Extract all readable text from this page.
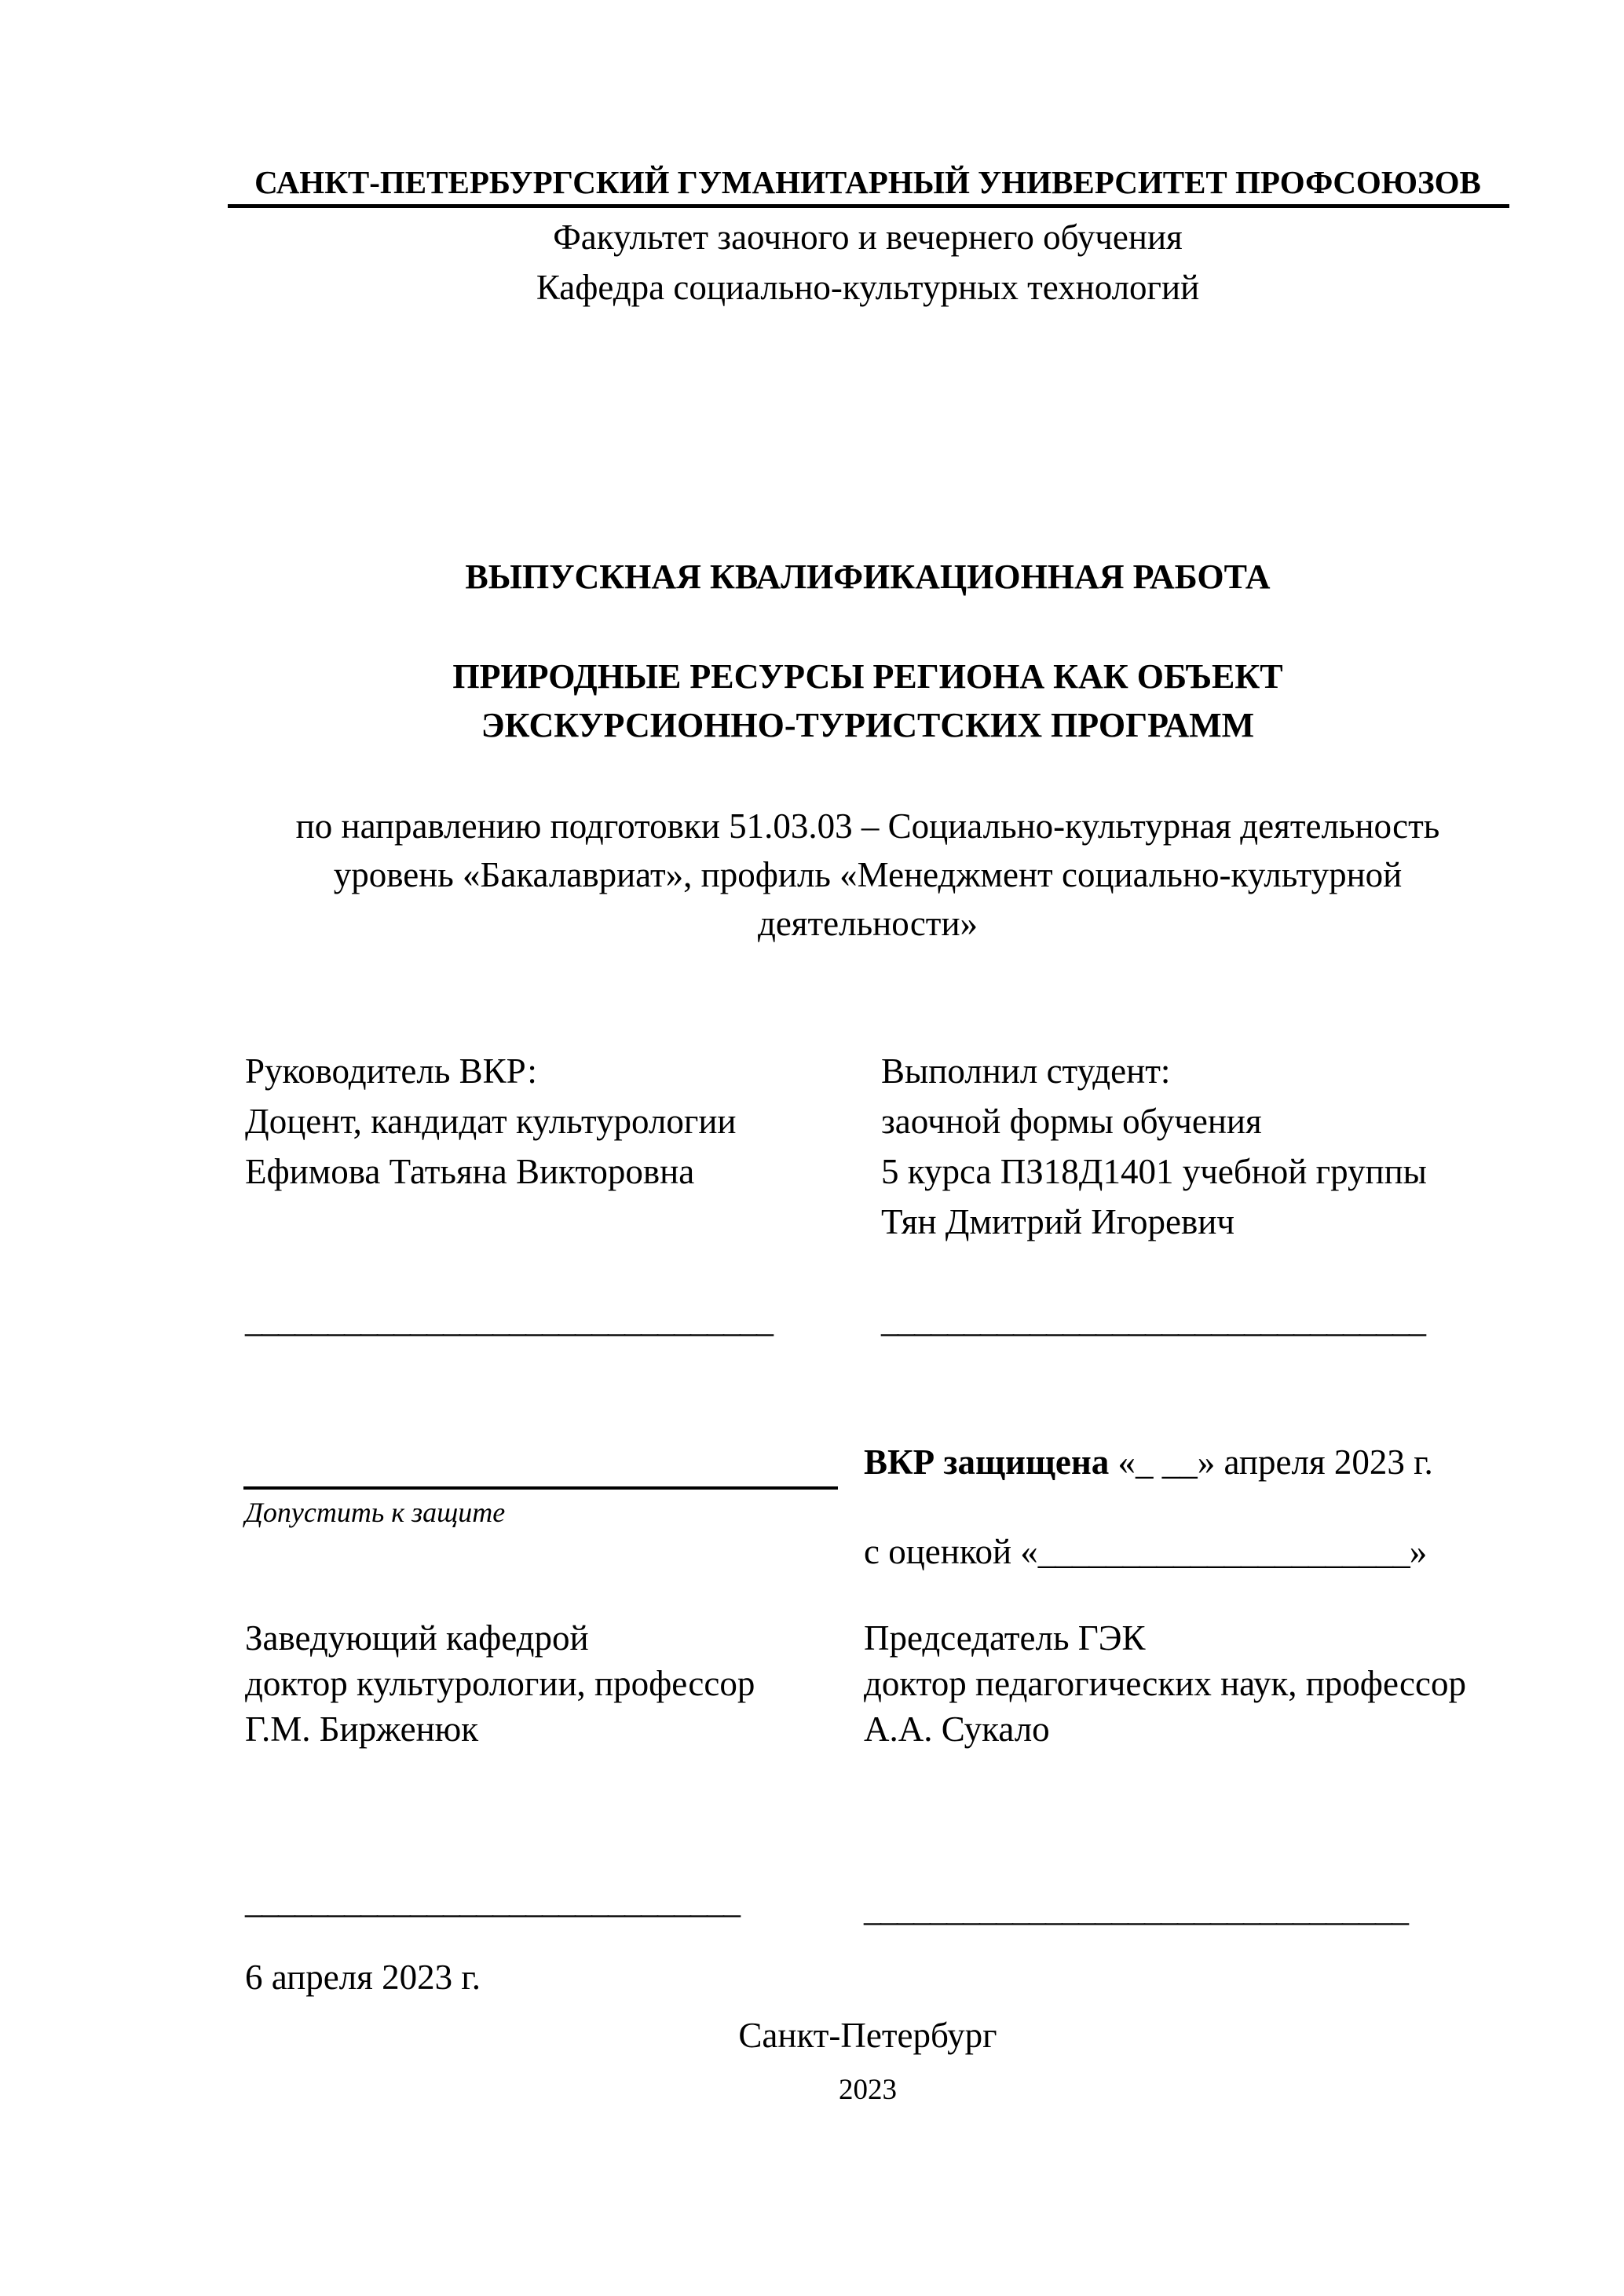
САНКТ-ПЕТЕРБУРГСКИЙ ГУМАНИТАРНЫЙ УНИВЕРСИТЕТ ПРОФСОЮЗОВ
Факультет заочного и вечернего обучения
Кафедра социально-культурных технологий
ВЫПУСКНАЯ КВАЛИФИКАЦИОННАЯ РАБОТА
ПРИРОДНЫЕ РЕСУРСЫ РЕГИОНА КАК ОБЪЕКТ
ЭКСКУРСИОННО-ТУРИСТСКИХ ПРОГРАММ
по направлению подготовки 51.03.03 – Социально-культурная деятельность
уровень «Бакалавриат», профиль «Менеджмент социально-культурной
деятельности»
Руководитель ВКР:
Доцент, кандидат культурологии
Ефимова Татьяна Викторовна
________________________________
Выполнил студент:
заочной формы обучения
5 курса ПЗ18Д1401 учебной группы
Тян Дмитрий Игоревич
_________________________________
Допустить к защите
ВКР защищена «_ __» апреля 2023 г.
с оценкой «______________________»
Заведующий кафедрой
доктор культурологии, профессор
Г.М. Бирженюк
______________________________
Председатель ГЭК
доктор педагогических наук, профессор
А.А. Сукало
_________________________________
6 апреля 2023 г.
Санкт-Петербург
2023
